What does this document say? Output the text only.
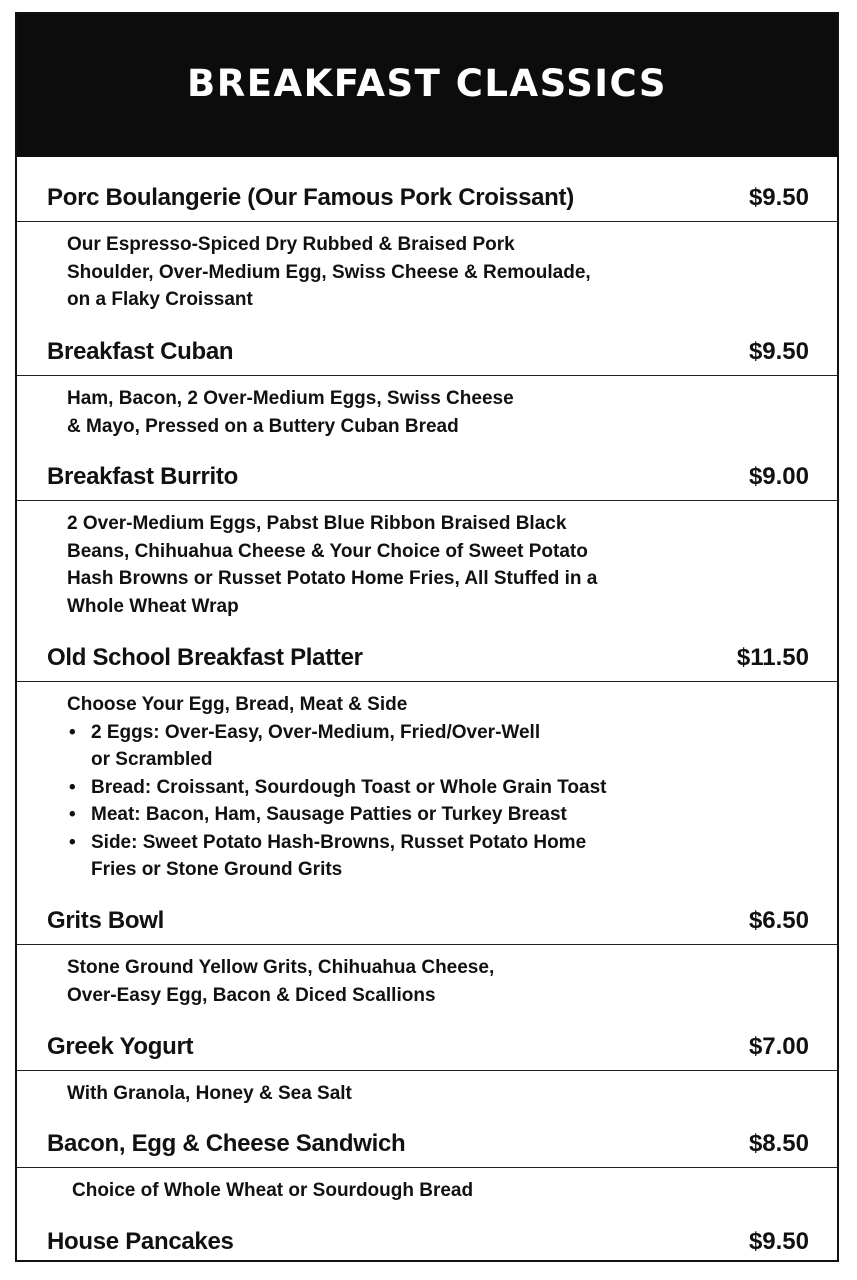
BREAKFAST CLASSICS
Porc Boulangerie (Our Famous Pork Croissant)	$9.50
Our Espresso-Spiced Dry Rubbed & Braised Pork
Shoulder, Over-Medium Egg, Swiss Cheese & Remoulade,
on a Flaky Croissant
Breakfast Cuban	$9.50
Ham, Bacon, 2 Over-Medium Eggs, Swiss Cheese
& Mayo, Pressed on a Buttery Cuban Bread
Breakfast Burrito	$9.00
2 Over-Medium Eggs, Pabst Blue Ribbon Braised Black
Beans, Chihuahua Cheese & Your Choice of Sweet Potato
Hash Browns or Russet Potato Home Fries, All Stuffed in a
Whole Wheat Wrap
Old School Breakfast Platter	$11.50
Choose Your Egg, Bread, Meat & Side
• 2 Eggs: Over-Easy, Over-Medium, Fried/Over-Well
or Scrambled
• Bread: Croissant, Sourdough Toast or Whole Grain Toast
• Meat: Bacon, Ham, Sausage Patties or Turkey Breast
• Side: Sweet Potato Hash-Browns, Russet Potato Home
Fries or Stone Ground Grits
Grits Bowl	$6.50
Stone Ground Yellow Grits, Chihuahua Cheese,
Over-Easy Egg, Bacon & Diced Scallions
Greek Yogurt	$7.00
With Granola, Honey & Sea Salt
Bacon, Egg & Cheese Sandwich	$8.50
Choice of Whole Wheat or Sourdough Bread
House Pancakes	$9.50
